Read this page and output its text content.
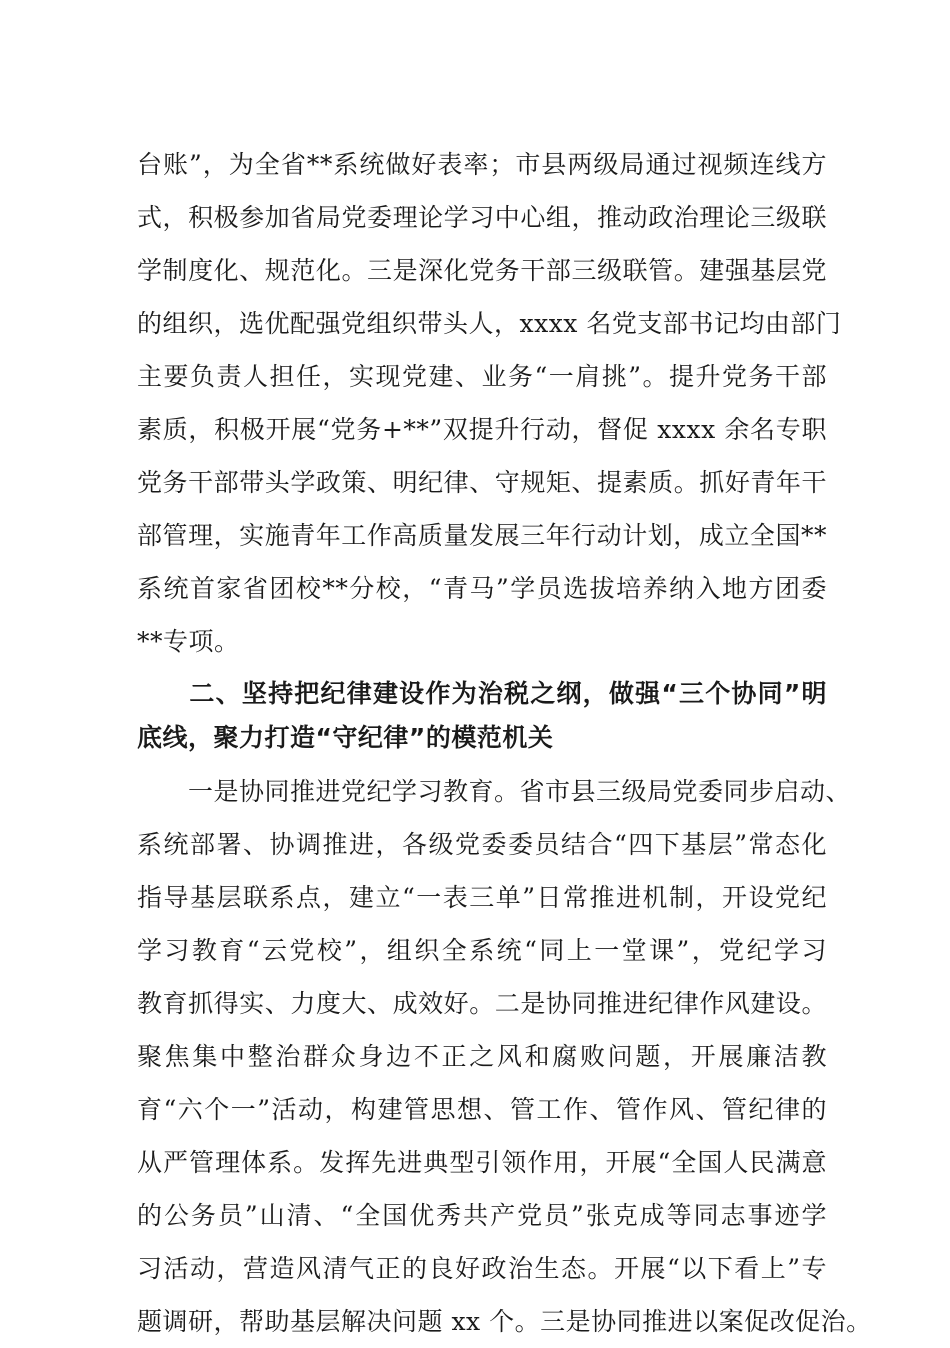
台账”，为全省**系统做好表率；市县两级局通过视频连线方
式，积极参加省局党委理论学习中心组，推动政治理论三级联
学制度化、规范化。三是深化党务干部三级联管。建强基层党
的组织，选优配强党组织带头人，xxxx 名党支部书记均由部门
主要负责人担任，实现党建、业务“一肩挑”。提升党务干部
素质，积极开展“党务+**”双提升行动，督促 xxxx 余名专职
党务干部带头学政策、明纪律、守规矩、提素质。抓好青年干
部管理，实施青年工作高质量发展三年行动计划，成立全国**
系统首家省团校**分校，“青马”学员选拔培养纳入地方团委
**专项。
　　二、坚持把纪律建设作为治税之纲，做强“三个协同”明
底线，聚力打造“守纪律”的模范机关
　　一是协同推进党纪学习教育。省市县三级局党委同步启动、
系统部署、协调推进，各级党委委员结合“四下基层”常态化
指导基层联系点，建立“一表三单”日常推进机制，开设党纪
学习教育“云党校”，组织全系统“同上一堂课”，党纪学习
教育抓得实、力度大、成效好。二是协同推进纪律作风建设。
聚焦集中整治群众身边不正之风和腐败问题，开展廉洁教
育“六个一”活动，构建管思想、管工作、管作风、管纪律的
从严管理体系。发挥先进典型引领作用，开展“全国人民满意
的公务员”山清、“全国优秀共产党员”张克成等同志事迹学
习活动，营造风清气正的良好政治生态。开展“以下看上”专
题调研，帮助基层解决问题 xx 个。三是协同推进以案促改促治。
